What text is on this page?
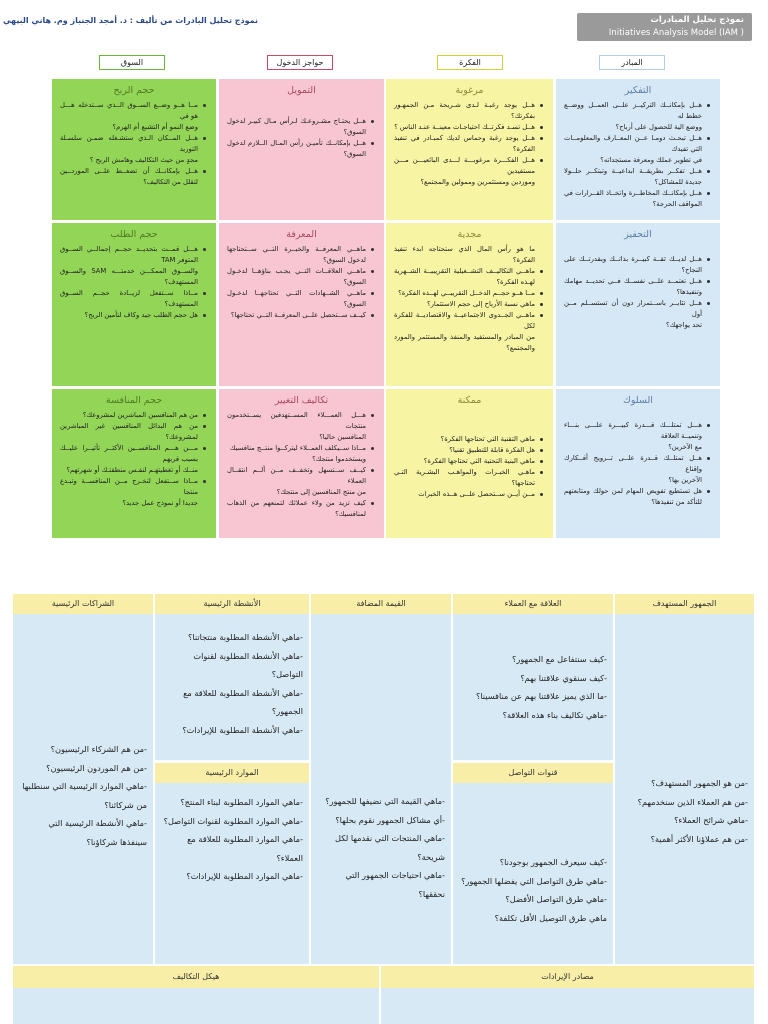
نموذج تحليل المبادرات
Initiatives Analysis Model (IAM )
نموذج تحليل البادرات من تأليف : د. أمجد الجنباز وم. هاني البيهي
المبادر
الفكرة
حواجز الدخول
السوق
التفكير
هــل بإمكانــك التركيــز علــى العمــل ووضــع خطط له
ووضع الية للحصول على أرباح؟
هــل تبحـث دومـا عــن المعــارف والمعلومــات التي تفيدك
في تطوير عملك ومعرفة مستجداته؟
هــل تفكــر بطريقــة ابداعيــة وتبتكــر حلــولا جديدة للمشاكل؟
هــل بإمكانــك المخاطــرة واتخــاذ القــرارات في المواقف الحرجة؟
مرغوبة
هــل يوجد رغبـة لـدى شـريحة مـن الجمهـور بفكرتك؟
هــل تسـد فكرتــك احتياجـات معينــة عنـد الناس ؟
هــل يوجد رغبة وحماس لديك كمبـادر في تنفيذ الفكرة؟
هــل الفكـــرة مرغوبـــة لـــدى البائعيـــن مـــن مستفيدين
وموردين ومستثمرين وممولين والمجتمع؟
التمويل
هــل يحتـاج مشـروعـك لـرأس مـال كبيـر لدخول السوق؟
هــل بإمكانــك تأميـن رأس المـال الــلازم لدخول السوق؟
حجم الربح
مــا هــو وضــع الســوق الــذي ســتدخله هـــل هو في
وضع النمو أم التشبع أم الهرم؟
هــل المــكان الـذي ستشـغله ضمـن سلسـلة التوريد
مجدٍ من حيث التكاليف وهامش الربح ؟
هــل بإمكانــك أن تضغــط علــى الموردــين لتقلل من التكاليف؟
التحفيز
هــل لديــك ثقــة كبيــرة بذاتــك وبقدرتــك على النجاح؟
هــل تعتمــد علــى نفســك فــي تحديــد مهامك وتنفيذها؟
هــل تثابــر باســتمرار دون أن تستســلم مــن أول
تحد يواجهك؟
مجدية
ما هو رأس المال الذي ستحتاجه ابدء تنفيذ الفكرة؟
ماهــي التكاليــف التشــغيلية التقريبيــة الشــهرية لهـذه الفكرة؟
مــا هــو حجــم الدخــل التقريبــي لهــذه الفكرة؟
ماهي نسبة الأرباح إلى حجم الاستثمار؟
ماهــي الجــدوى الاجتماعيــة والاقتصاديــة للفكرة لكل
من المبادر والمستفيد والمنفذ والمستثمر والمورد والمجتمع؟
المعرفة
ماهــي المعرفــة والخبــرة التــي ســتحتاجها لدخول السوق؟
ماهــي العلاقــات التــي يجـب بناؤهــا لدخـول السوق؟
ماهــي الشــهادات التــي تحتاجهــا لدخـول السوق؟
كيــف ســتحصل علــى المعرفــة التــي تحتاجها؟
حجم الطلب
هـــل قمــت بتحديــد حجــم إجمالــي الســوق المتوفر TAM
والســوق الممكـــن خدمتـــه SAM والســوق المستهدف؟
مــاذا ســتفعل لزيــادة حجــم الســوق المستهدف؟
هل حجم الطلب جيد وكاف لتأمين الربح؟
السلوك
هـــل تمتلـــك قـــدرة كبيـــرة علـــى بنـــاء وتنميــة العلاقة
مع الآخرين؟
هــل تمتلــك قــدرة علــى تــرويج أفــكارك وإقناع
الآخرين بها؟
هل تستطيع تفويض المهام لمن حولك ومتابعتهم للتأكد من تنفيذها؟
ممكنة
ماهي التقنية التي تحتاجها الفكرة؟
هل الفكرة قابلة للتطبيق تقنيا؟
ماهي البنية التحتية التي تحتاجها الفكرة؟
ماهـي الخبـرات والمواهـب البشـرية التـي تحتاجها؟
مــن أيــن ســتحصل علــى هــذه الخبرات
تكاليف التغيير
هـــل العمـــلاء المســتهدفين يســتخدمون منتجات
المنافسين حاليا؟
مــاذا ســيكلف العمــلاء ليتركــوا منتــج منافسيك
ويستخدموا منتجك؟
كيــف ســتسهل وتخفــف مــن ألــم انتقــال العملاء
من منتج المنافسين إلى منتجك؟
كيف تزيد من ولاء عملائك لتمنعهم من الذهاب لمنافسيك؟
حجم المنافسة
من هم المنافسين المباشرين لمشروعك؟
من هم البدائل المنافسين غير المباشرين لمشروعك؟
مـــن هـــم المنافســين الأكثــر تأثيــرا عليــك بسبب قربهم
منــك أو تغطيتهـم لنفـس منطقتـك أو شهرتهم؟
مــاذا ســتفعل لتخـرج مــن المنافســة وتبـدع منتجا
جديدا أو نموذج عمل جديد؟
الجمهور المستهدف
-من هو الجمهور المستهدف؟
-من هم العملاء الذين سنخدمهم؟
-ماهي شرائح العملاء؟
-من هم عملاؤنا الأكثر أهمية؟
العلاقة مع العملاء
-كيف سنتفاعل مع الجمهور؟
-كيف سنقوي علاقتنا بهم؟
-ما الذي يميز علاقتنا بهم عن منافسينا؟
-ماهي تكاليف بناء هذه العلاقة؟
قنوات التواصل
-كيف سيعرف الجمهور بوجودنا؟
-ماهي طرق التواصل التي يفضلها الجمهور؟
-ماهي طرق التواصل الأفضل؟
ماهي طرق التوصيل الأقل تكلفة؟
القيمة المضافة
-ماهي القيمة التي نضيفها للجمهور؟
-أي مشاكل الجمهور نقوم بحلها؟
-ماهي المنتجات التي نقدمها لكل شريحة؟
-ماهي احتياجات الجمهور التي نحققها؟
الأنشطة الرئيسية
-ماهي الأنشطة المطلوبة منتجاتنا؟
-ماهي الأنشطة المطلوبة لقنوات التواصل؟
-ماهي الأنشطة المطلوبة للعلاقة مع الجمهور؟
-ماهي الأنشطة المطلوبة للإيرادات؟
الموارد الرئيسية
-ماهي الموارد المطلوبة لبناء المنتج؟
-ماهي الموارد المطلوبة لقنوات التواصل؟
-ماهي الموارد المطلوبة للعلاقة مع العملاء؟
-ماهي الموارد المطلوبة للإيرادات؟
الشراكات الرئيسية
-من هم الشركاء الرئيسيون؟
-من هم الموردون الرئيسيون؟
-ماهي الموارد الرئيسية التي سنطلبها من شركائنا؟
-ماهي الأنشطة الرئيسية التي سينفذها شركاؤنا؟
مصادر الإيرادات
هيكل التكاليف
